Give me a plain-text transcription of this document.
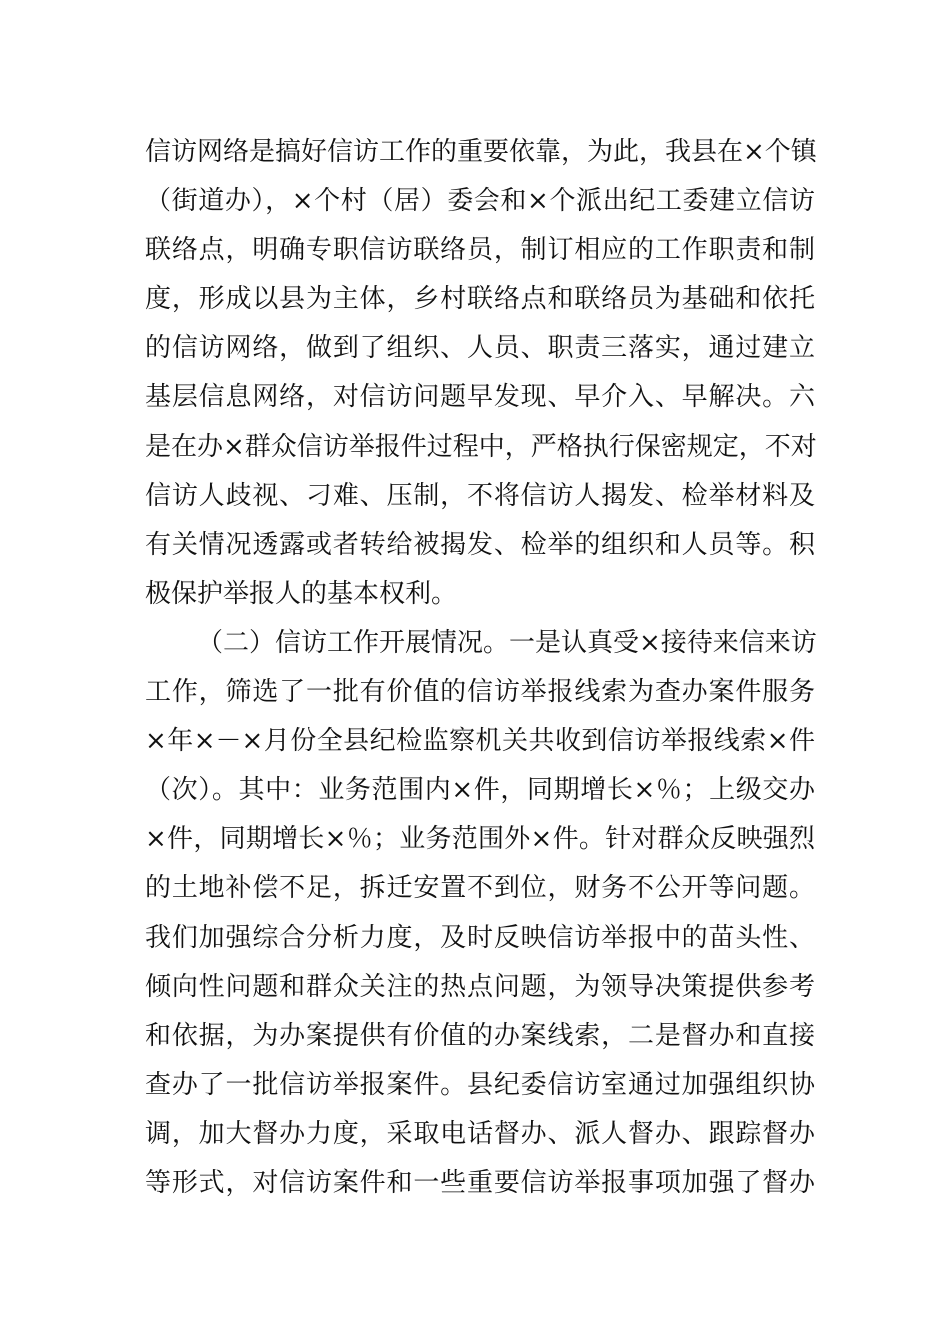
信访网络是搞好信访工作的重要依靠，为此，我县在×个镇
（街道办），×个村（居）委会和×个派出纪工委建立信访
联络点，明确专职信访联络员，制订相应的工作职责和制
度，形成以县为主体，乡村联络点和联络员为基础和依托
的信访网络，做到了组织、人员、职责三落实，通过建立
基层信息网络，对信访问题早发现、早介入、早解决。六
是在办×群众信访举报件过程中，严格执行保密规定，不对
信访人歧视、刁难、压制，不将信访人揭发、检举材料及
有关情况透露或者转给被揭发、检举的组织和人员等。积
极保护举报人的基本权利。
（二）信访工作开展情况。一是认真受×接待来信来访
工作，筛选了一批有价值的信访举报线索为查办案件服务
×年×－×月份全县纪检监察机关共收到信访举报线索×件
（次）。其中：业务范围内×件，同期增长×％；上级交办
×件，同期增长×％；业务范围外×件。针对群众反映强烈
的土地补偿不足，拆迁安置不到位，财务不公开等问题。
我们加强综合分析力度，及时反映信访举报中的苗头性、
倾向性问题和群众关注的热点问题，为领导决策提供参考
和依据，为办案提供有价值的办案线索，二是督办和直接
查办了一批信访举报案件。县纪委信访室通过加强组织协
调，加大督办力度，采取电话督办、派人督办、跟踪督办
等形式，对信访案件和一些重要信访举报事项加强了督办
